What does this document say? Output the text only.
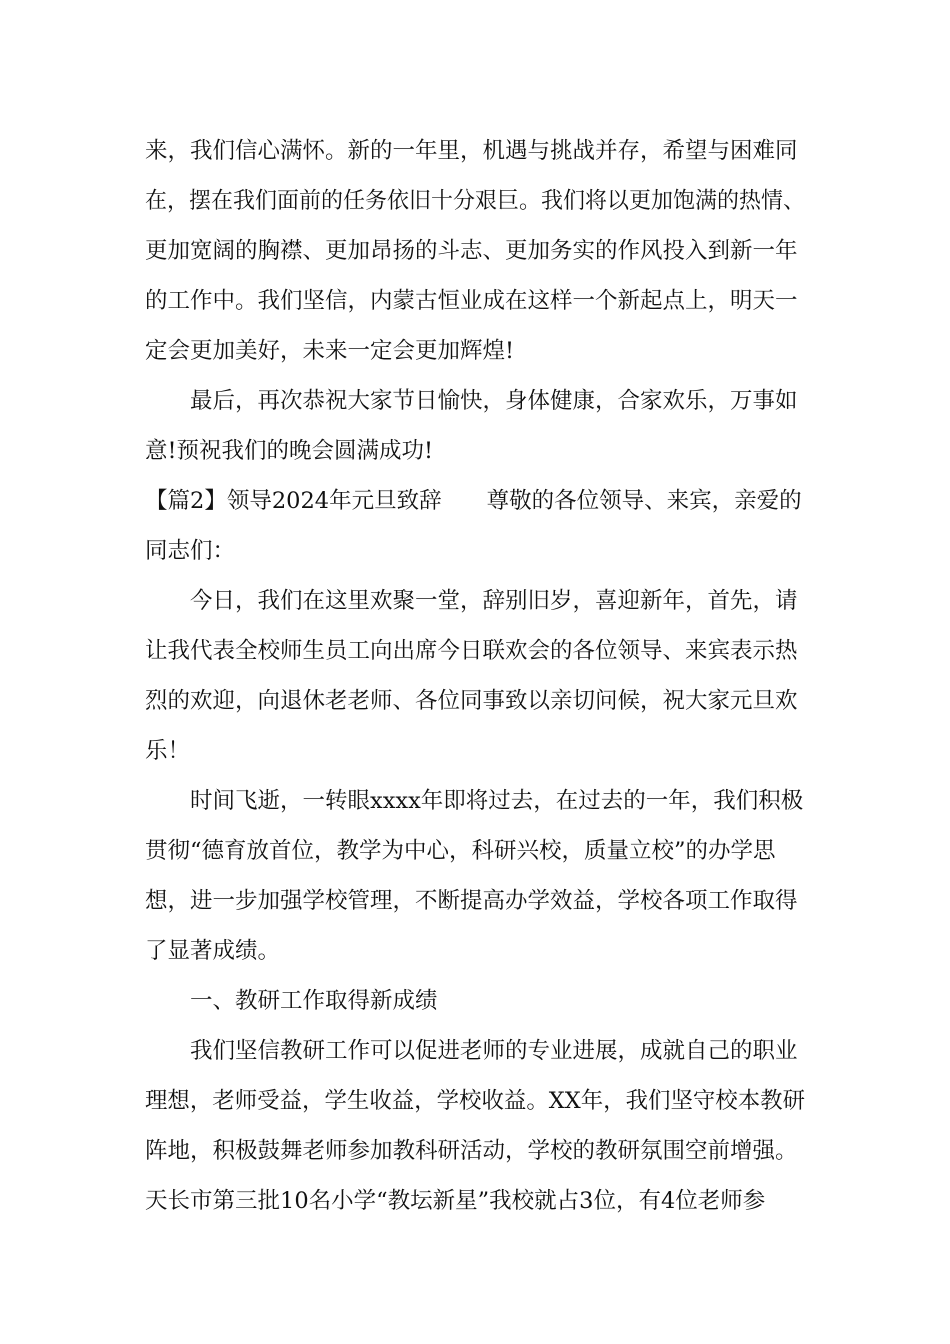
来，我们信心满怀。新的一年里，机遇与挑战并存，希望与困难同
在，摆在我们面前的任务依旧十分艰巨。我们将以更加饱满的热情、
更加宽阔的胸襟、更加昂扬的斗志、更加务实的作风投入到新一年
的工作中。我们坚信，内蒙古恒业成在这样一个新起点上，明天一
定会更加美好，未来一定会更加辉煌!
　　最后，再次恭祝大家节日愉快，身体健康，合家欢乐，万事如
意!预祝我们的晚会圆满成功!
【篇2】领导2024年元旦致辞　　尊敬的各位领导、来宾，亲爱的
同志们：
　　今日，我们在这里欢聚一堂，辞别旧岁，喜迎新年，首先，请
让我代表全校师生员工向出席今日联欢会的各位领导、来宾表示热
烈的欢迎，向退休老老师、各位同事致以亲切问候，祝大家元旦欢
乐！
　　时间飞逝，一转眼xxxx年即将过去，在过去的一年，我们积极
贯彻“德育放首位，教学为中心，科研兴校，质量立校”的办学思
想，进一步加强学校管理，不断提高办学效益，学校各项工作取得
了显著成绩。
　　一、教研工作取得新成绩
　　我们坚信教研工作可以促进老师的专业进展，成就自己的职业
理想，老师受益，学生收益，学校收益。XX年，我们坚守校本教研
阵地，积极鼓舞老师参加教科研活动，学校的教研氛围空前增强。
天长市第三批10名小学“教坛新星”我校就占3位，有4位老师参
